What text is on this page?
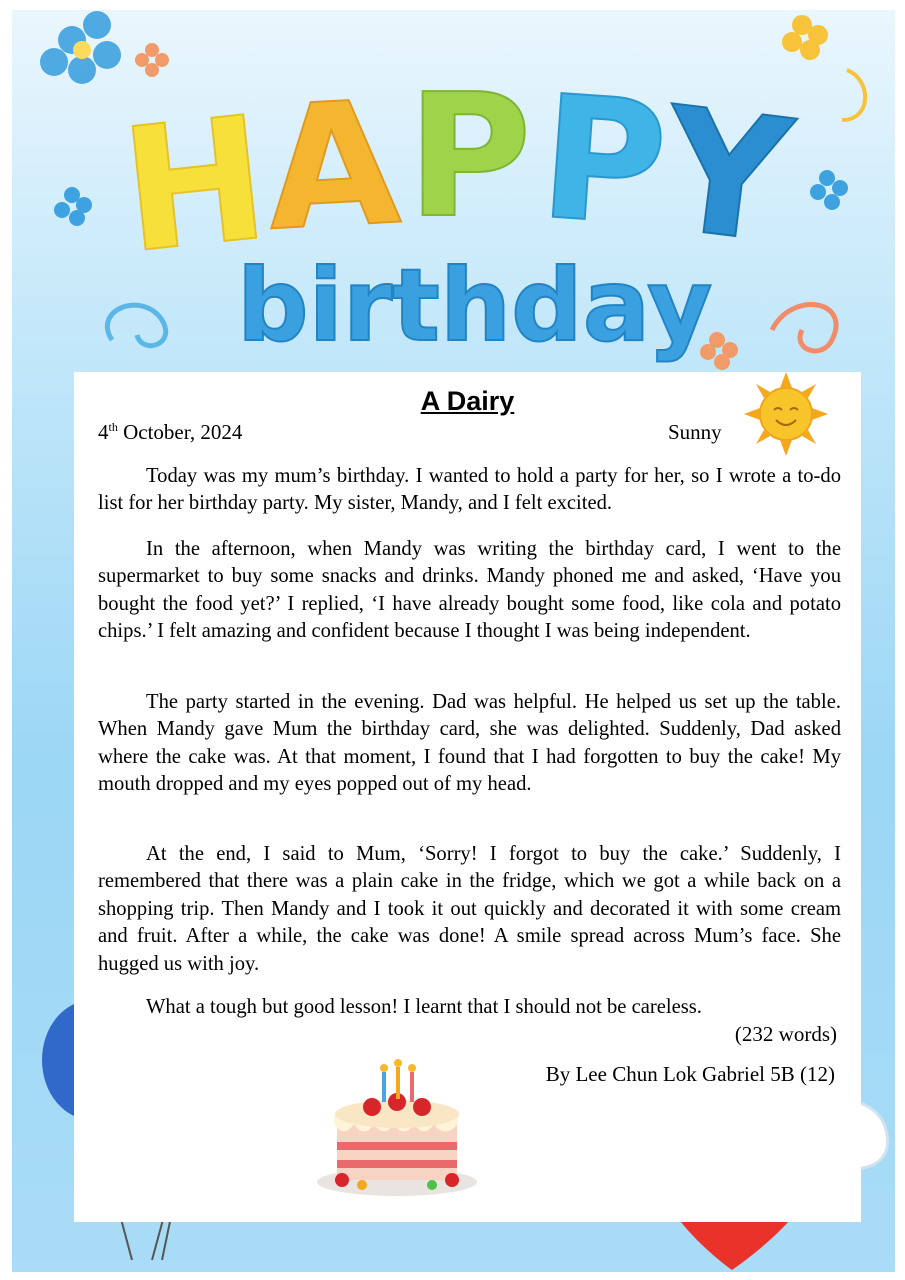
H
A P P
Y
birthday
A Dairy
4th October, 2024	Sunny

Today was my mum’s birthday. I wanted to hold a party for her, so I wrote a to-do list for her birthday party. My sister, Mandy, and I felt excited.

In the afternoon, when Mandy was writing the birthday card, I went to the supermarket to buy some snacks and drinks. Mandy phoned me and asked, ‘Have you bought the food yet?’ I replied, ‘I have already bought some food, like cola and potato chips.’ I felt amazing and confident because I thought I was being independent.

The party started in the evening. Dad was helpful. He helped us set up the table. When Mandy gave Mum the birthday card, she was delighted. Suddenly, Dad asked where the cake was. At that moment, I found that I had forgotten to buy the cake! My mouth dropped and my eyes popped out of my head.

At the end, I said to Mum, ‘Sorry! I forgot to buy the cake.’ Suddenly, I remembered that there was a plain cake in the fridge, which we got a while back on a shopping trip. Then Mandy and I took it out quickly and decorated it with some cream and fruit. After a while, the cake was done! A smile spread across Mum’s face. She hugged us with joy.

What a tough but good lesson! I learnt that I should not be careless.

(232 words)
By Lee Chun Lok Gabriel 5B (12)
